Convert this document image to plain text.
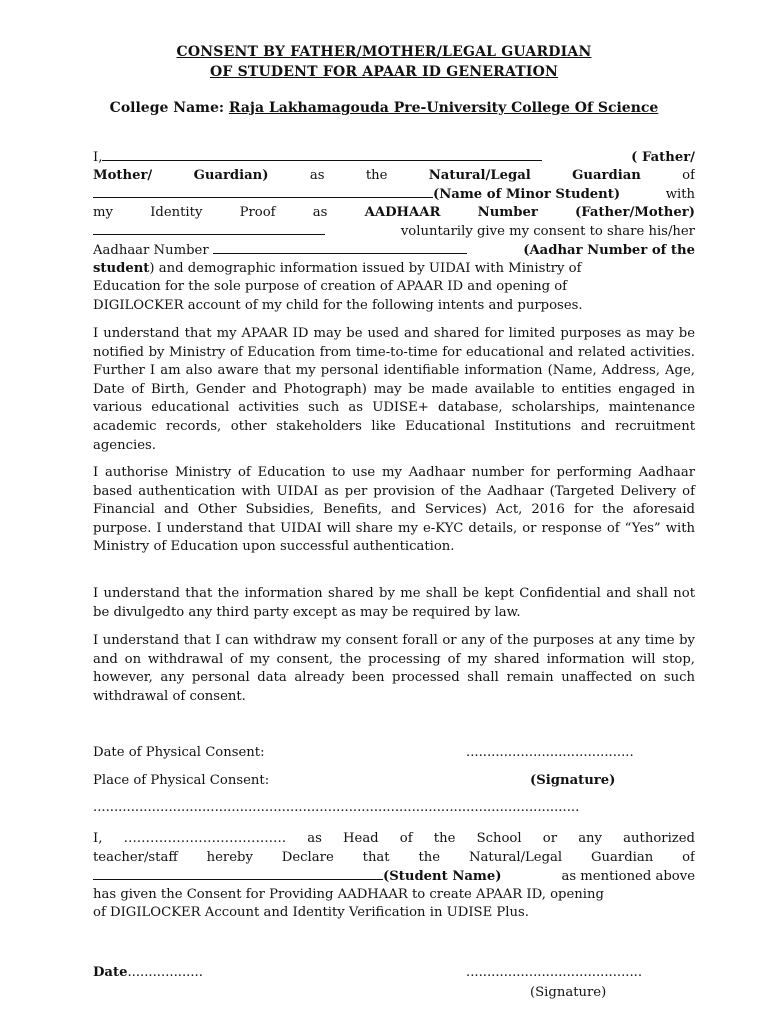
CONSENT BY FATHER/MOTHER/LEGAL GUARDIAN
OF STUDENT FOR APAAR ID GENERATION
College Name: Raja Lakhamagouda Pre-University College Of Science
I,	( Father/
Mother/	Guardian)	as	the	Natural/Legal	Guardian	of
(Name of Minor Student)	with
my	Identity	Proof	as	AADHAAR	Number	(Father/Mother)
voluntarily give my consent to share his/her
Aadhaar Number	(Aadhar Number of the
student) and demographic information issued by UIDAI with Ministry of
Education for the sole purpose of creation of APAAR ID and opening of
DIGILOCKER account of my child for the following intents and purposes.

I understand that my APAAR ID may be used and shared for limited purposes as may be notified by Ministry of Education from time-to-time for educational and related activities. Further I am also aware that my personal identifiable information (Name, Address, Age, Date of Birth, Gender and Photograph) may be made available to entities engaged in various educational activities such as UDISE+ database, scholarships, maintenance academic records, other stakeholders like Educational Institutions and recruitment agencies.

I authorise Ministry of Education to use my Aadhaar number for performing Aadhaar based authentication with UIDAI as per provision of the Aadhaar (Targeted Delivery of Financial and Other Subsidies, Benefits, and Services) Act, 2016 for the aforesaid purpose. I understand that UIDAI will share my e-KYC details, or response of “Yes” with Ministry of Education upon successful authentication.

I understand that the information shared by me shall be kept Confidential and shall not be divulgedto any third party except as may be required by law.

I understand that I can withdraw my consent forall or any of the purposes at any time by and on withdrawal of my consent, the processing of my shared information will stop, however, any personal data already been processed shall remain unaffected on such withdrawal of consent.

Date of Physical Consent:	........................................
Place of Physical Consent:	(Signature)
....................................................................................................................
I, ………………………………. as Head of the School or any authorized
teacher/staff hereby Declare that the Natural/Legal Guardian of
(Student Name)	as mentioned above
has given the Consent for Providing AADHAAR to create APAAR ID, opening
of DIGILOCKER Account and Identity Verification in UDISE Plus.
Date..................	..........................................
(Signature)
